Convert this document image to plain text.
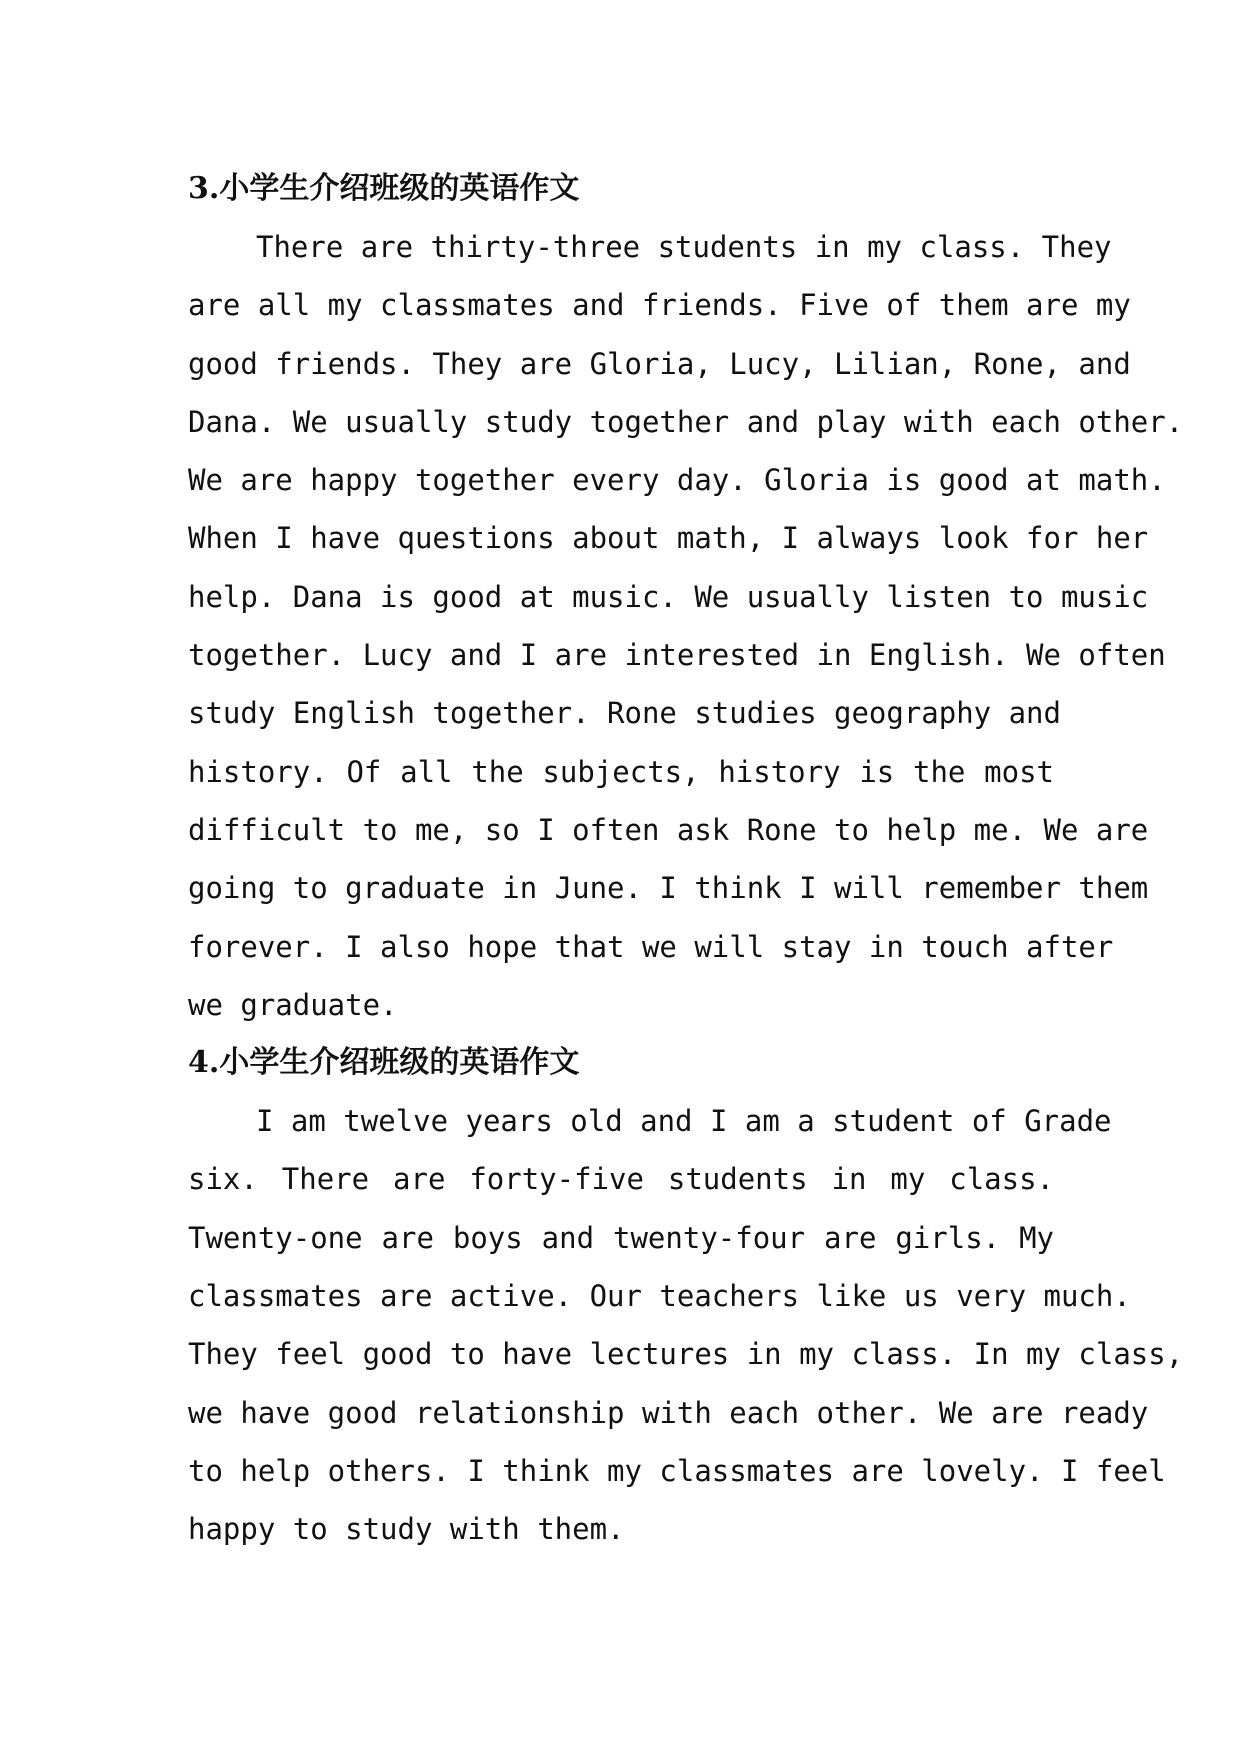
3.小学生介绍班级的英语作文
There are thirty-three students in my class. They
are all my classmates and friends. Five of them are my
good friends. They are Gloria, Lucy, Lilian, Rone, and
Dana. We usually study together and play with each other.
We are happy together every day. Gloria is good at math.
When I have questions about math, I always look for her
help. Dana is good at music. We usually listen to music
together. Lucy and I are interested in English. We often
study English together. Rone studies geography and
history. Of all the subjects, history is the most
difficult to me, so I often ask Rone to help me. We are
going to graduate in June. I think I will remember them
forever. I also hope that we will stay in touch after
we graduate.
4.小学生介绍班级的英语作文
I am twelve years old and I am a student of Grade
six. There are forty-five students in my class.
Twenty-one are boys and twenty-four are girls. My
classmates are active. Our teachers like us very much.
They feel good to have lectures in my class. In my class,
we have good relationship with each other. We are ready
to help others. I think my classmates are lovely. I feel
happy to study with them.
